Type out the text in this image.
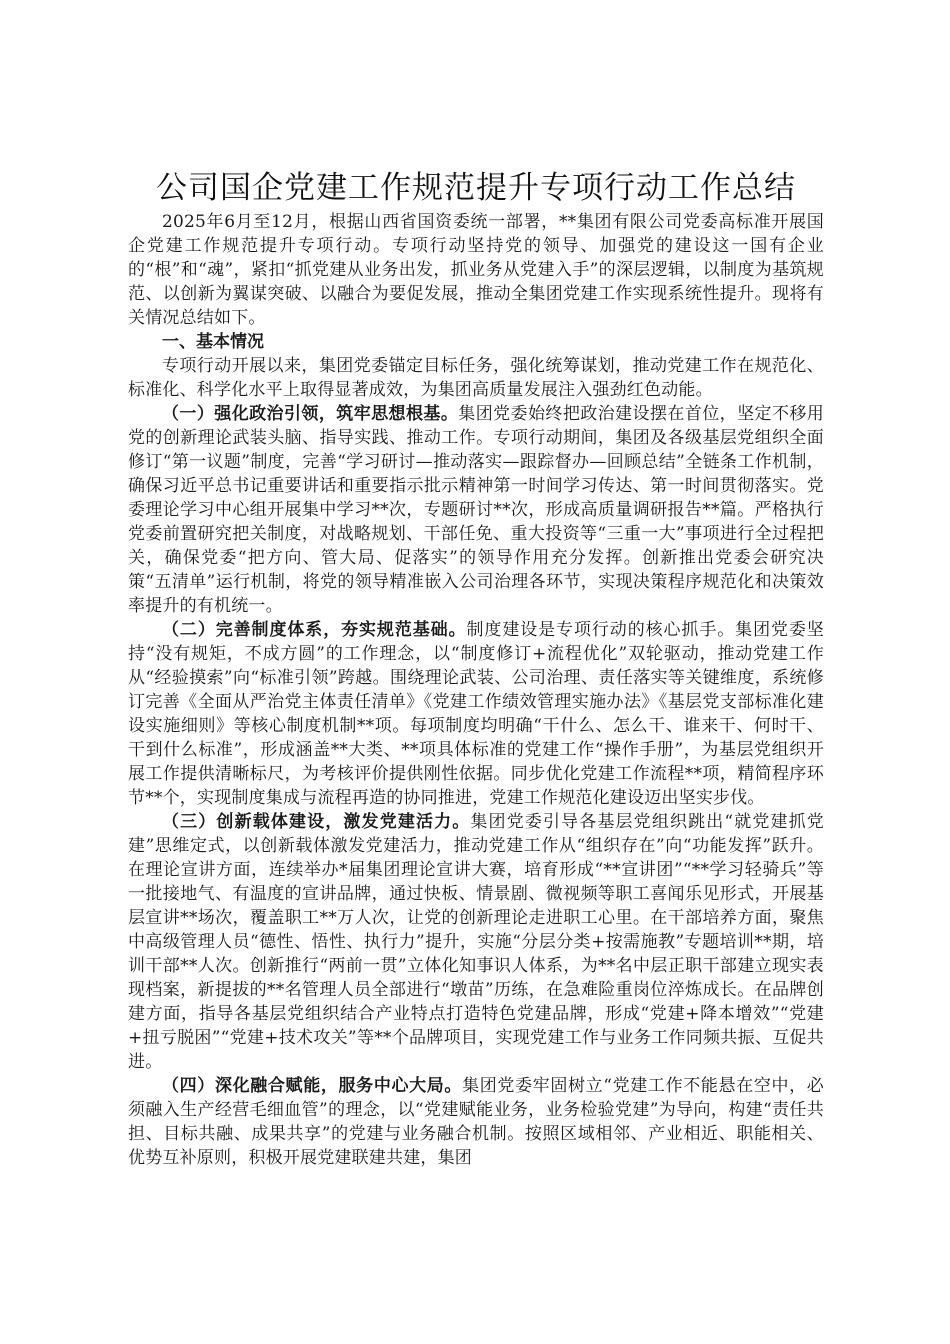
公司国企党建工作规范提升专项行动工作总结

2025年6月至12月，根据山西省国资委统一部署，**集团有限公司党委高标准开展国企党建工作规范提升专项行动。专项行动坚持党的领导、加强党的建设这一国有企业的“根”和“魂”，紧扣“抓党建从业务出发，抓业务从党建入手”的深层逻辑，以制度为基筑规范、以创新为翼谋突破、以融合为要促发展，推动全集团党建工作实现系统性提升。现将有关情况总结如下。

一、基本情况

专项行动开展以来，集团党委锚定目标任务，强化统筹谋划，推动党建工作在规范化、标准化、科学化水平上取得显著成效，为集团高质量发展注入强劲红色动能。

（一）强化政治引领，筑牢思想根基。集团党委始终把政治建设摆在首位，坚定不移用党的创新理论武装头脑、指导实践、推动工作。专项行动期间，集团及各级基层党组织全面修订“第一议题”制度，完善“学习研讨—推动落实—跟踪督办—回顾总结”全链条工作机制，确保习近平总书记重要讲话和重要指示批示精神第一时间学习传达、第一时间贯彻落实。党委理论学习中心组开展集中学习**次，专题研讨**次，形成高质量调研报告**篇。严格执行党委前置研究把关制度，对战略规划、干部任免、重大投资等“三重一大”事项进行全过程把关，确保党委“把方向、管大局、促落实”的领导作用充分发挥。创新推出党委会研究决策“五清单”运行机制，将党的领导精准嵌入公司治理各环节，实现决策程序规范化和决策效率提升的有机统一。

（二）完善制度体系，夯实规范基础。制度建设是专项行动的核心抓手。集团党委坚持“没有规矩，不成方圆”的工作理念，以“制度修订+流程优化”双轮驱动，推动党建工作从“经验摸索”向“标准引领”跨越。围绕理论武装、公司治理、责任落实等关键维度，系统修订完善《全面从严治党主体责任清单》《党建工作绩效管理实施办法》《基层党支部标准化建设实施细则》等核心制度机制**项。每项制度均明确“干什么、怎么干、谁来干、何时干、干到什么标准”，形成涵盖**大类、**项具体标准的党建工作“操作手册”，为基层党组织开展工作提供清晰标尺，为考核评价提供刚性依据。同步优化党建工作流程**项，精简程序环节**个，实现制度集成与流程再造的协同推进，党建工作规范化建设迈出坚实步伐。

（三）创新载体建设，激发党建活力。集团党委引导各基层党组织跳出“就党建抓党建”思维定式，以创新载体激发党建活力，推动党建工作从“组织存在”向“功能发挥”跃升。在理论宣讲方面，连续举办*届集团理论宣讲大赛，培育形成“**宣讲团”“**学习轻骑兵”等一批接地气、有温度的宣讲品牌，通过快板、情景剧、微视频等职工喜闻乐见形式，开展基层宣讲**场次，覆盖职工**万人次，让党的创新理论走进职工心里。在干部培养方面，聚焦中高级管理人员“德性、悟性、执行力”提升，实施“分层分类+按需施教”专题培训**期，培训干部**人次。创新推行“两前一贯”立体化知事识人体系，为**名中层正职干部建立现实表现档案，新提拔的**名管理人员全部进行“墩苗”历练，在急难险重岗位淬炼成长。在品牌创建方面，指导各基层党组织结合产业特点打造特色党建品牌，形成“党建+降本增效”“党建+扭亏脱困”“党建+技术攻关”等**个品牌项目，实现党建工作与业务工作同频共振、互促共进。

（四）深化融合赋能，服务中心大局。集团党委牢固树立“党建工作不能悬在空中，必须融入生产经营毛细血管”的理念，以“党建赋能业务，业务检验党建”为导向，构建“责任共担、目标共融、成果共享”的党建与业务融合机制。按照区域相邻、产业相近、职能相关、优势互补原则，积极开展党建联建共建，集团
